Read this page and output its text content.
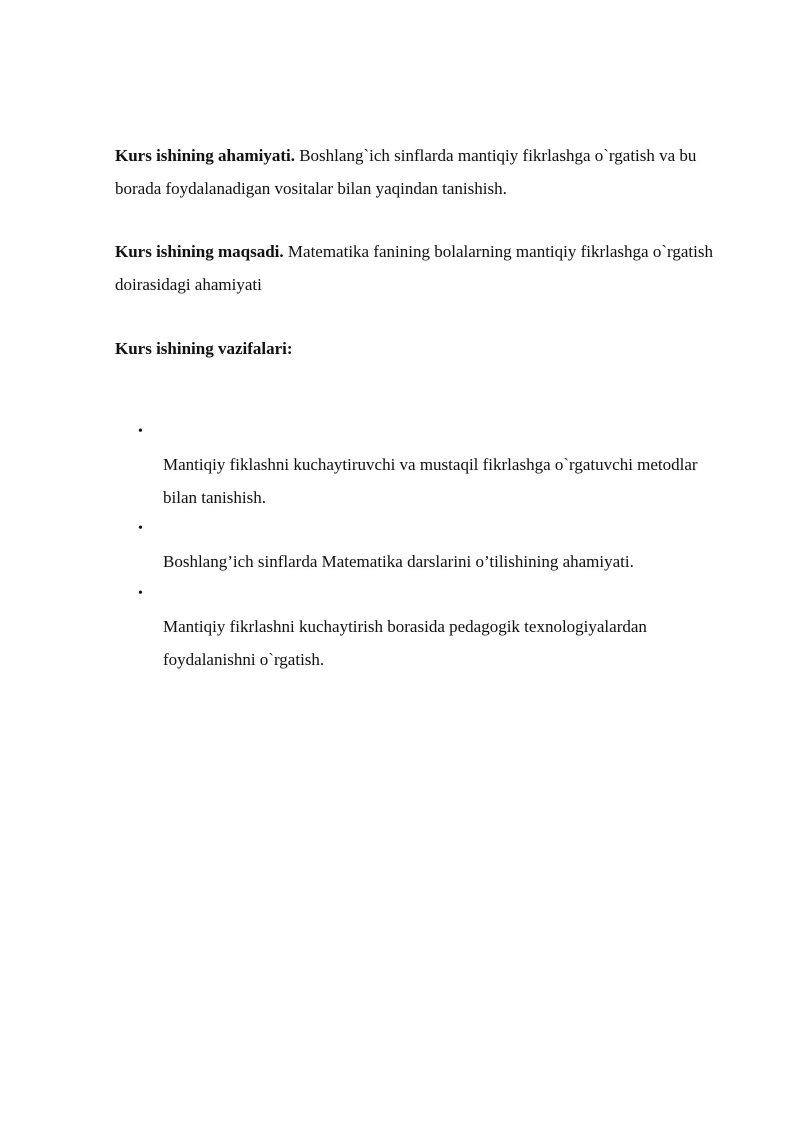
Kurs ishining ahamiyati. Boshlang`ich sinflarda mantiqiy fikrlashga o`rgatish va bu borada foydalanadigan vositalar bilan yaqindan tanishish.
Kurs ishining maqsadi. Matematika fanining bolalarning mantiqiy fikrlashga o`rgatish doirasidagi ahamiyati
Kurs ishining vazifalari:
•
Mantiqiy fiklashni kuchaytiruvchi va mustaqil fikrlashga o`rgatuvchi metodlar bilan tanishish.
•
Boshlang’ich sinflarda Matematika darslarini o’tilishining ahamiyati.
•
Mantiqiy fikrlashni kuchaytirish borasida pedagogik texnologiyalardan foydalanishni o`rgatish.
